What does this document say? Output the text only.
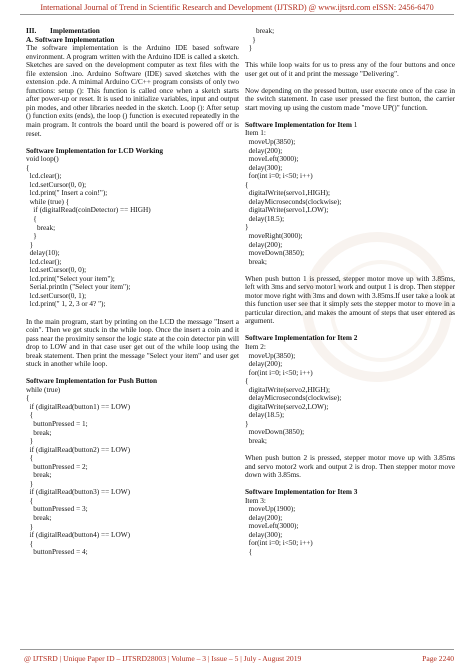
International Journal of Trend in Scientific Research and Development (IJTSRD) @ www.ijtsrd.com eISSN: 2456-6470
III.	Implementation
A. Software Implementation
The software implementation is the Arduino IDE based software environment. A program written with the Arduino IDE is called a sketch. Sketches are saved on the development computer as text files with the file extension .ino. Arduino Software (IDE) saved sketches with the extension .pde. A minimal Arduino C/C++ program consists of only two functions: setup (): This function is called once when a sketch starts after power-up or reset. It is used to initialize variables, input and output pin modes, and other libraries needed in the sketch. Loop (): After setup () function exits (ends), the loop () function is executed repeatedly in the main program. It controls the board until the board is powered off or is reset.
Software Implementation for LCD Working
void loop()
{
lcd.clear();
lcd.setCursor(0, 0);
lcd.print(" Insert a coin!");
while (true) {
if (digitalRead(coinDetector) == HIGH)
{
break;
}
}
delay(10);
lcd.clear();
lcd.setCursor(0, 0);
lcd.print("Select your item");
Serial.println ("Select your item");
lcd.setCursor(0, 1);
lcd.print(" 1, 2, 3 or 4? ");
In the main program, start by printing on the LCD the message "Insert a coin". Then we get stuck in the while loop. Once the insert a coin and it pass near the proximity sensor the logic state at the coin detector pin will drop to LOW and in that case user get out of the while loop using the break statement. Then print the message "Select your item" and user get stuck in another while loop.
Software Implementation for Push Button
while (true)
{
if (digitalRead(button1) == LOW)
{
buttonPressed = 1;
break;
}
if (digitalRead(button2) == LOW)
{
buttonPressed = 2;
break;
}
if (digitalRead(button3) == LOW)
{
buttonPressed = 3;
break;
}
if (digitalRead(button4) == LOW)
{
buttonPressed = 4;
break;
}
}
This while loop waits for us to press any of the four buttons and once user get out of it and print the message "Delivering".
Now depending on the pressed button, user execute once of the case in the switch statement. In case user pressed the first button, the carrier start moving up using the custom made "move UP()" function.
Software Implementation for Item 1
Item 1:
moveUp(3850);
delay(200);
moveLeft(3000);
delay(300);
for(int i=0; i<50; i++)
{
digitalWrite(servo1,HIGH);
delayMicroseconds(clockwise);
digitalWrite(servo1,LOW);
delay(18.5);
}
moveRight(3000);
delay(200);
moveDown(3850);
break;
When push button 1 is pressed, stepper motor move up with 3.85ms, left with 3ms and servo motor1 work and output 1 is drop. Then stepper motor move right with 3ms and down with 3.85ms.If user take a look at this function user see that it simply sets the stepper motor to move in a particular direction, and makes the amount of steps that user entered as argument.
Software Implementation for Item 2
Item 2:
moveUp(3850);
delay(200);
for(int i=0; i<50; i++)
{
digitalWrite(servo2,HIGH);
delayMicroseconds(clockwise);
digitalWrite(servo2,LOW);
delay(18.5);
}
moveDown(3850);
break;
When push button 2 is pressed, stepper motor move up with 3.85ms and servo motor2 work and output 2 is drop. Then stepper motor move down with 3.85ms.
Software Implementation for Item 3
Item 3:
moveUp(1900);
delay(200);
moveLeft(3000);
delay(300);
for(int i=0; i<50; i++)
{
@ IJTSRD | Unique Paper ID – IJTSRD28003 | Volume – 3 | Issue – 5 | July - August 2019	Page 2240
